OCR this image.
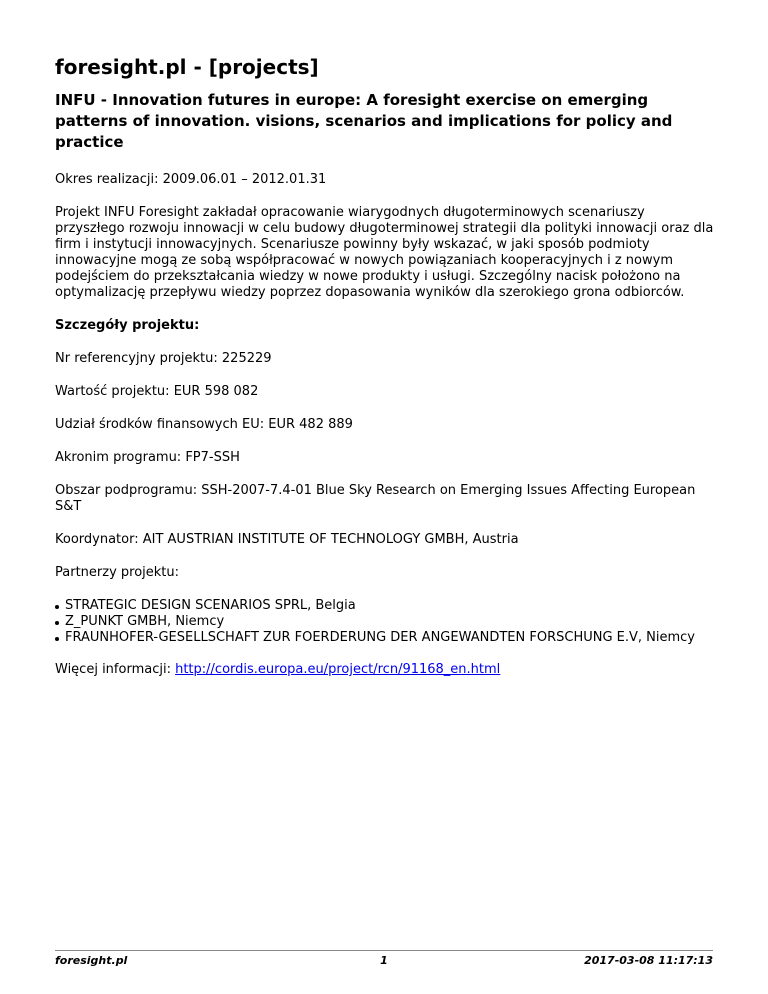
foresight.pl - [projects]
INFU - Innovation futures in europe: A foresight exercise on emerging patterns of innovation. visions, scenarios and implications for policy and practice

Okres realizacji: 2009.06.01 – 2012.01.31

Projekt INFU Foresight zakładał opracowanie wiarygodnych długoterminowych scenariuszy przyszłego rozwoju innowacji w celu budowy długoterminowej strategii dla polityki innowacji oraz dla firm i instytucji innowacyjnych. Scenariusze powinny były wskazać, w jaki sposób podmioty innowacyjne mogą ze sobą współpracować w nowych powiązaniach kooperacyjnych i z nowym podejściem do przekształcania wiedzy w nowe produkty i usługi. Szczególny nacisk położono na optymalizację przepływu wiedzy poprzez dopasowania wyników dla szerokiego grona odbiorców.

Szczegóły projektu:

Nr referencyjny projektu: 225229

Wartość projektu: EUR 598 082

Udział środków finansowych EU: EUR 482 889

Akronim programu: FP7-SSH

Obszar podprogramu: SSH-2007-7.4-01 Blue Sky Research on Emerging Issues Affecting European S&T

Koordynator: AIT AUSTRIAN INSTITUTE OF TECHNOLOGY GMBH, Austria

Partnerzy projektu:

STRATEGIC DESIGN SCENARIOS SPRL, Belgia
Z_PUNKT GMBH, Niemcy
FRAUNHOFER-GESELLSCHAFT ZUR FOERDERUNG DER ANGEWANDTEN FORSCHUNG E.V, Niemcy

Więcej informacji: http://cordis.europa.eu/project/rcn/91168_en.html

foresight.pl	1	2017-03-08 11:17:13
